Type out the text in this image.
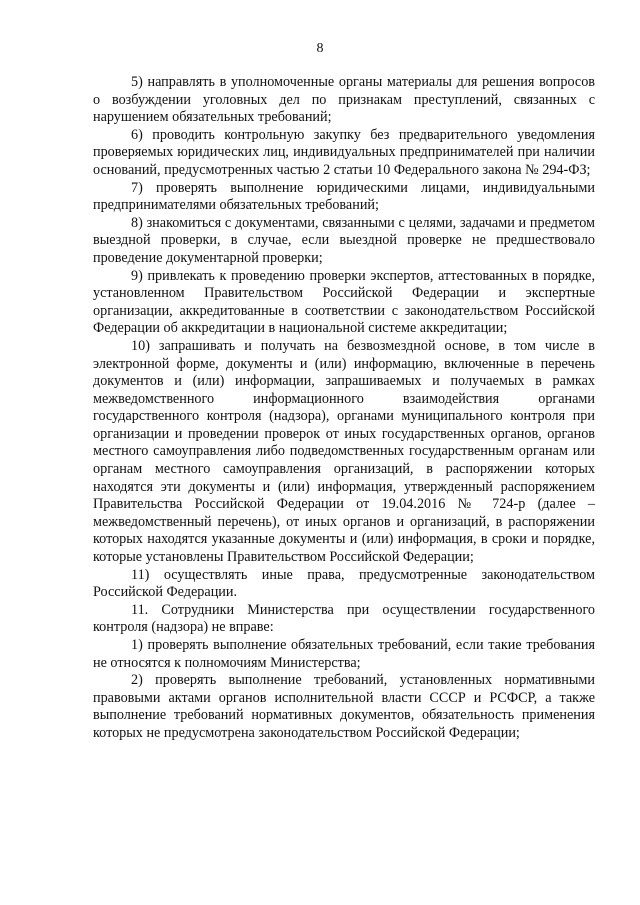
8

5) направлять в уполномоченные органы материалы для решения вопросов о возбуждении уголовных дел по признакам преступлений, связанных с нарушением обязательных требований;

6) проводить контрольную закупку без предварительного уведомления проверяемых юридических лиц, индивидуальных предпринимателей при наличии оснований, предусмотренных частью 2 статьи 10 Федерального закона № 294-ФЗ;

7) проверять выполнение юридическими лицами, индивидуальными предпринимателями обязательных требований;

8) знакомиться с документами, связанными с целями, задачами и предметом выездной проверки, в случае, если выездной проверке не предшествовало проведение документарной проверки;

9) привлекать к проведению проверки экспертов, аттестованных в порядке, установленном Правительством Российской Федерации и экспертные организации, аккредитованные в соответствии с законодательством Российской Федерации об аккредитации в национальной системе аккредитации;

10) запрашивать и получать на безвозмездной основе, в том числе в электронной форме, документы и (или) информацию, включенные в перечень документов и (или) информации, запрашиваемых и получаемых в рамках межведомственного информационного взаимодействия органами государственного контроля (надзора), органами муниципального контроля при организации и проведении проверок от иных государственных органов, органов местного самоуправления либо подведомственных государственным органам или органам местного самоуправления организаций, в распоряжении которых находятся эти документы и (или) информация, утвержденный распоряжением Правительства Российской Федерации от 19.04.2016 № 724-р (далее – межведомственный перечень), от иных органов и организаций, в распоряжении которых находятся указанные документы и (или) информация, в сроки и порядке, которые установлены Правительством Российской Федерации;

11) осуществлять иные права, предусмотренные законодательством Российской Федерации.

11. Сотрудники Министерства при осуществлении государственного контроля (надзора) не вправе:

1) проверять выполнение обязательных требований, если такие требования не относятся к полномочиям Министерства;

2) проверять выполнение требований, установленных нормативными правовыми актами органов исполнительной власти СССР и РСФСР, а также выполнение требований нормативных документов, обязательность применения которых не предусмотрена законодательством Российской Федерации;
